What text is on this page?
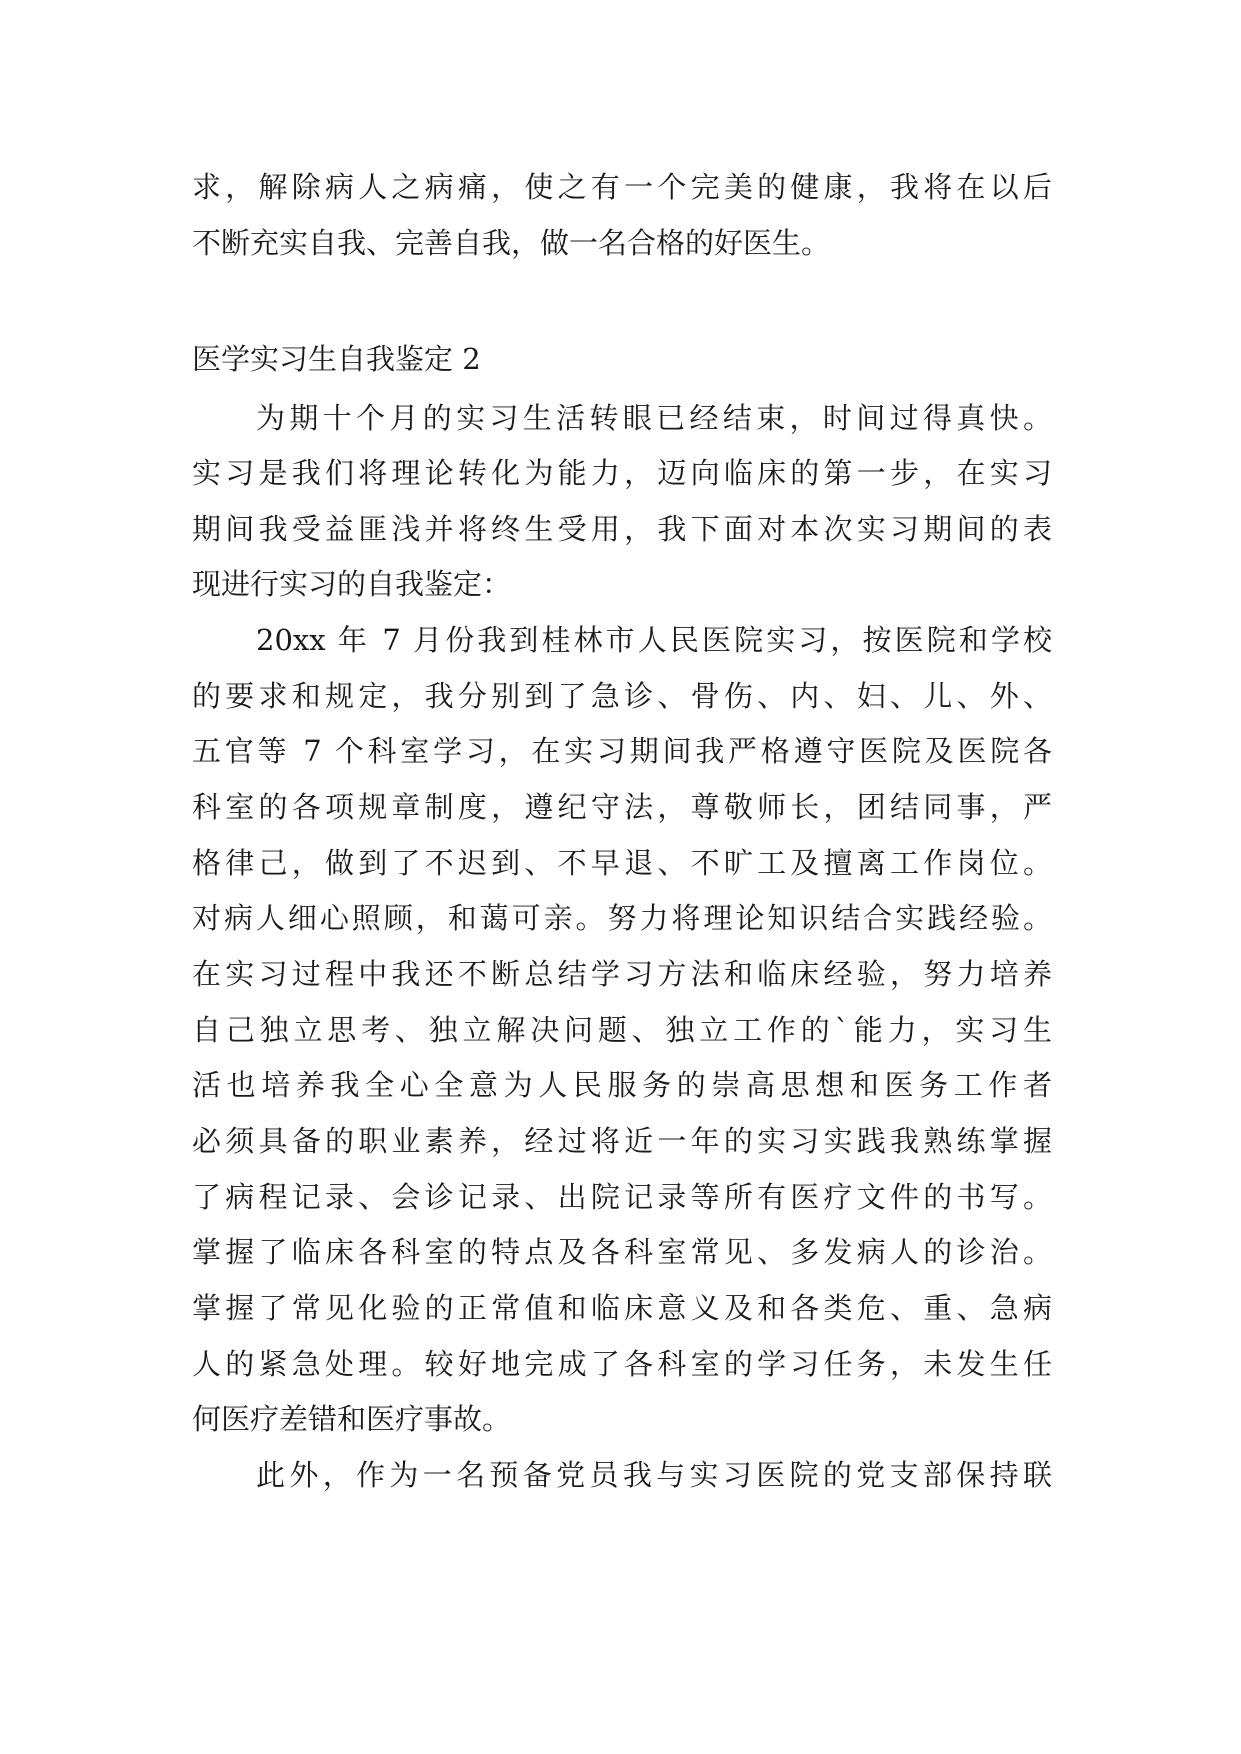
求，解除病人之病痛，使之有一个完美的健康，我将在以后
不断充实自我、完善自我，做一名合格的好医生。
医学实习生自我鉴定 2
为期十个月的实习生活转眼已经结束，时间过得真快。
实习是我们将理论转化为能力，迈向临床的第一步，在实习
期间我受益匪浅并将终生受用，我下面对本次实习期间的表
现进行实习的自我鉴定：
20xx 年 7 月份我到桂林市人民医院实习，按医院和学校
的要求和规定，我分别到了急诊、骨伤、内、妇、儿、外、
五官等 7 个科室学习，在实习期间我严格遵守医院及医院各
科室的各项规章制度，遵纪守法，尊敬师长，团结同事，严
格律己，做到了不迟到、不早退、不旷工及擅离工作岗位。
对病人细心照顾，和蔼可亲。努力将理论知识结合实践经验。
在实习过程中我还不断总结学习方法和临床经验，努力培养
自己独立思考、独立解决问题、独立工作的`能力，实习生
活也培养我全心全意为人民服务的崇高思想和医务工作者
必须具备的职业素养，经过将近一年的实习实践我熟练掌握
了病程记录、会诊记录、出院记录等所有医疗文件的书写。
掌握了临床各科室的特点及各科室常见、多发病人的诊治。
掌握了常见化验的正常值和临床意义及和各类危、重、急病
人的紧急处理。较好地完成了各科室的学习任务，未发生任
何医疗差错和医疗事故。
此外，作为一名预备党员我与实习医院的党支部保持联
